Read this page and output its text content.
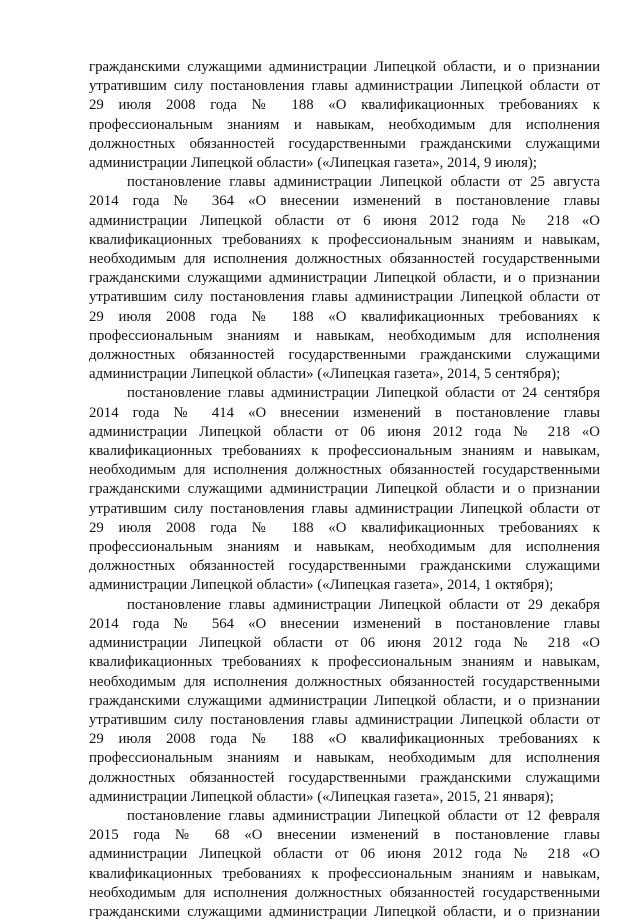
гражданскими служащими администрации Липецкой области, и о признании
утратившим силу постановления главы администрации Липецкой области от
29 июля 2008 года № 188 «О квалификационных требованиях к
профессиональным знаниям и навыкам, необходимым для исполнения
должностных обязанностей государственными гражданскими служащими
администрации Липецкой области» («Липецкая газета», 2014, 9 июля);
постановление главы администрации Липецкой области от 25 августа
2014 года № 364 «О внесении изменений в постановление главы
администрации Липецкой области от 6 июня 2012 года № 218 «О
квалификационных требованиях к профессиональным знаниям и навыкам,
необходимым для исполнения должностных обязанностей государственными
гражданскими служащими администрации Липецкой области, и о признании
утратившим силу постановления главы администрации Липецкой области от
29 июля 2008 года № 188 «О квалификационных требованиях к
профессиональным знаниям и навыкам, необходимым для исполнения
должностных обязанностей государственными гражданскими служащими
администрации Липецкой области» («Липецкая газета», 2014, 5 сентября);
постановление главы администрации Липецкой области от 24 сентября
2014 года № 414 «О внесении изменений в постановление главы
администрации Липецкой области от 06 июня 2012 года № 218 «О
квалификационных требованиях к профессиональным знаниям и навыкам,
необходимым для исполнения должностных обязанностей государственными
гражданскими служащими администрации Липецкой области и о признании
утратившим силу постановления главы администрации Липецкой области от
29 июля 2008 года № 188 «О квалификационных требованиях к
профессиональным знаниям и навыкам, необходимым для исполнения
должностных обязанностей государственными гражданскими служащими
администрации Липецкой области» («Липецкая газета», 2014, 1 октября);
постановление главы администрации Липецкой области от 29 декабря
2014 года № 564 «О внесении изменений в постановление главы
администрации Липецкой области от 06 июня 2012 года № 218 «О
квалификационных требованиях к профессиональным знаниям и навыкам,
необходимым для исполнения должностных обязанностей государственными
гражданскими служащими администрации Липецкой области, и о признании
утратившим силу постановления главы администрации Липецкой области от
29 июля 2008 года № 188 «О квалификационных требованиях к
профессиональным знаниям и навыкам, необходимым для исполнения
должностных обязанностей государственными гражданскими служащими
администрации Липецкой области» («Липецкая газета», 2015, 21 января);
постановление главы администрации Липецкой области от 12 февраля
2015 года № 68 «О внесении изменений в постановление главы
администрации Липецкой области от 06 июня 2012 года № 218 «О
квалификационных требованиях к профессиональным знаниям и навыкам,
необходимым для исполнения должностных обязанностей государственными
гражданскими служащими администрации Липецкой области, и о признании
